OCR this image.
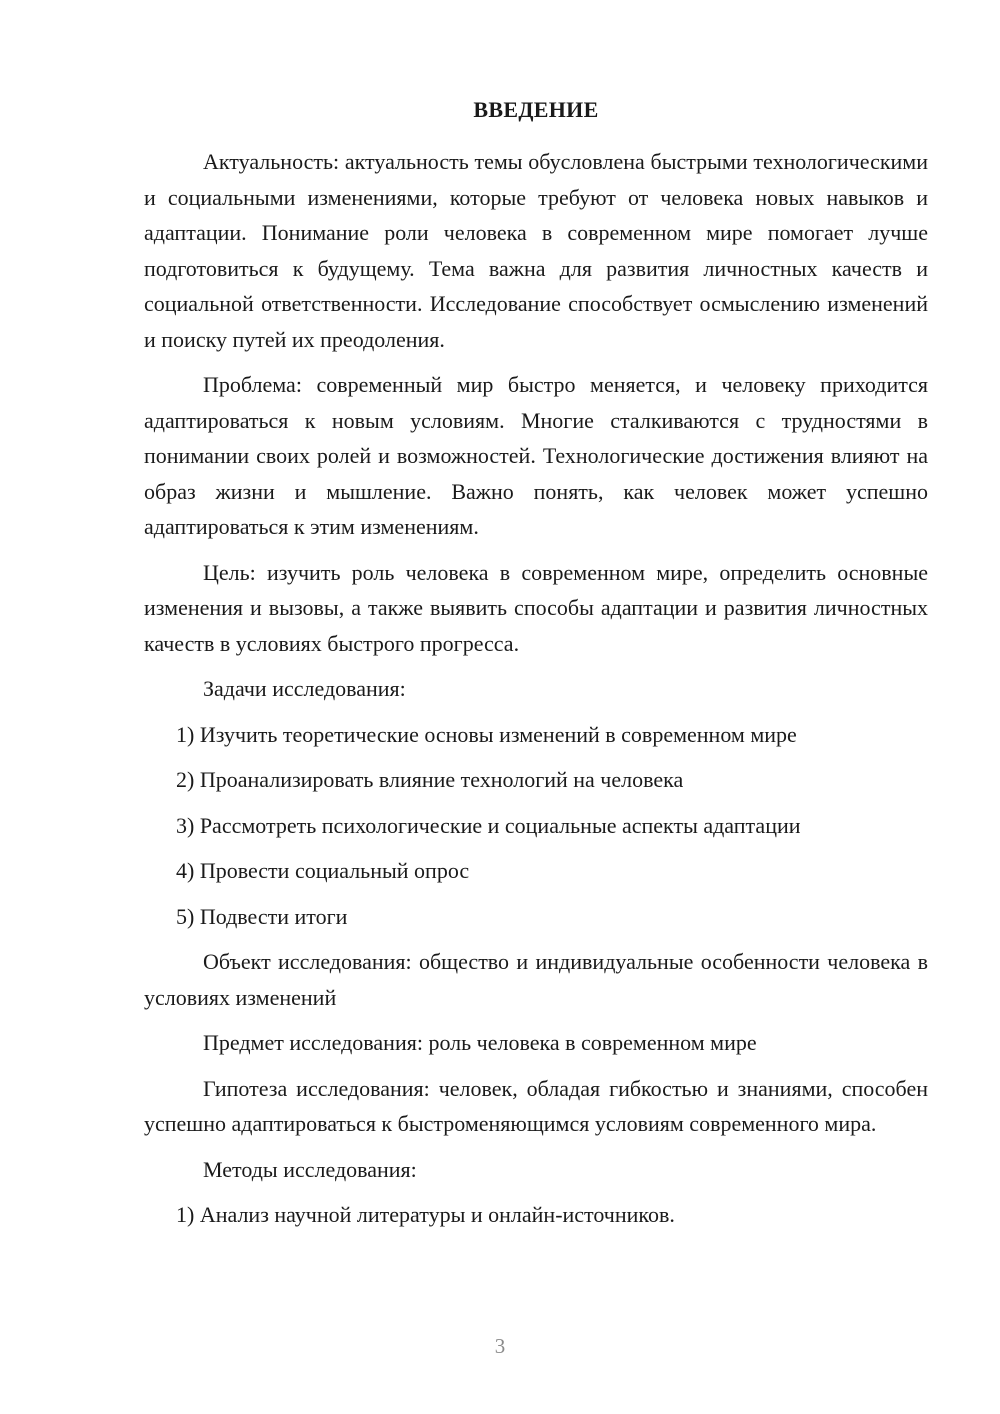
ВВЕДЕНИЕ

Актуальность: актуальность темы обусловлена быстрыми технологическими и социальными изменениями, которые требуют от человека новых навыков и адаптации. Понимание роли человека в современном мире помогает лучше подготовиться к будущему. Тема важна для развития личностных качеств и социальной ответственности. Исследование способствует осмыслению изменений и поиску путей их преодоления.

Проблема: современный мир быстро меняется, и человеку приходится адаптироваться к новым условиям. Многие сталкиваются с трудностями в понимании своих ролей и возможностей. Технологические достижения влияют на образ жизни и мышление. Важно понять, как человек может успешно адаптироваться к этим изменениям.

Цель: изучить роль человека в современном мире, определить основные изменения и вызовы, а также выявить способы адаптации и развития личностных качеств в условиях быстрого прогресса.

Задачи исследования:

1) Изучить теоретические основы изменений в современном мире

2) Проанализировать влияние технологий на человека

3) Рассмотреть психологические и социальные аспекты адаптации

4) Провести социальный опрос

5) Подвести итоги

Объект исследования: общество и индивидуальные особенности человека в условиях изменений

Предмет исследования: роль человека в современном мире

Гипотеза исследования: человек, обладая гибкостью и знаниями, способен успешно адаптироваться к быстроменяющимся условиям современного мира.

Методы исследования:

1) Анализ научной литературы и онлайн-источников.

3
